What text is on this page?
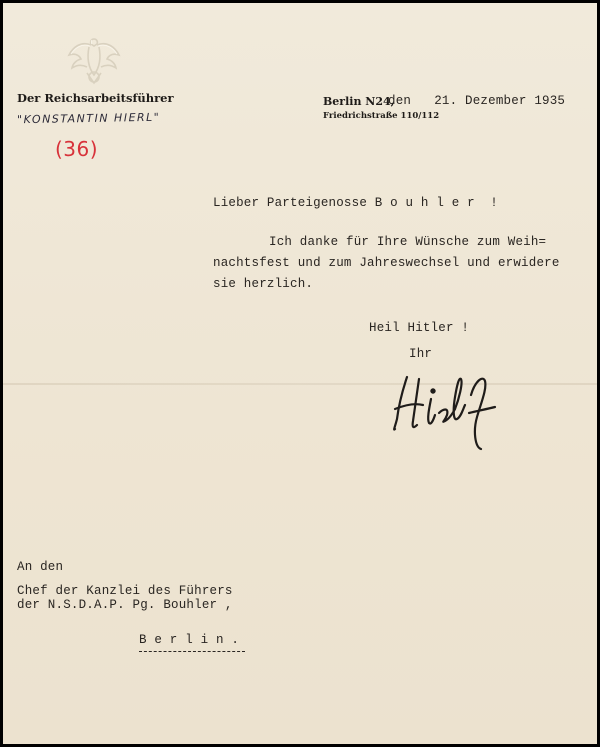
Der Reichsarbeitsführer
"KONSTANTIN HIERL"
(36)
Berlin N24,
Friedrichstraße 110/112
den   21. Dezember 1935
Lieber Parteigenosse B o u h l e r  !
Ich danke für Ihre Wünsche zum Weih=
nachtsfest und zum Jahreswechsel und erwidere
sie herzlich.
Heil Hitler !
Ihr
An den
Chef der Kanzlei des Führers
der N.S.D.A.P. Pg. Bouhler ,
B e r l i n .
